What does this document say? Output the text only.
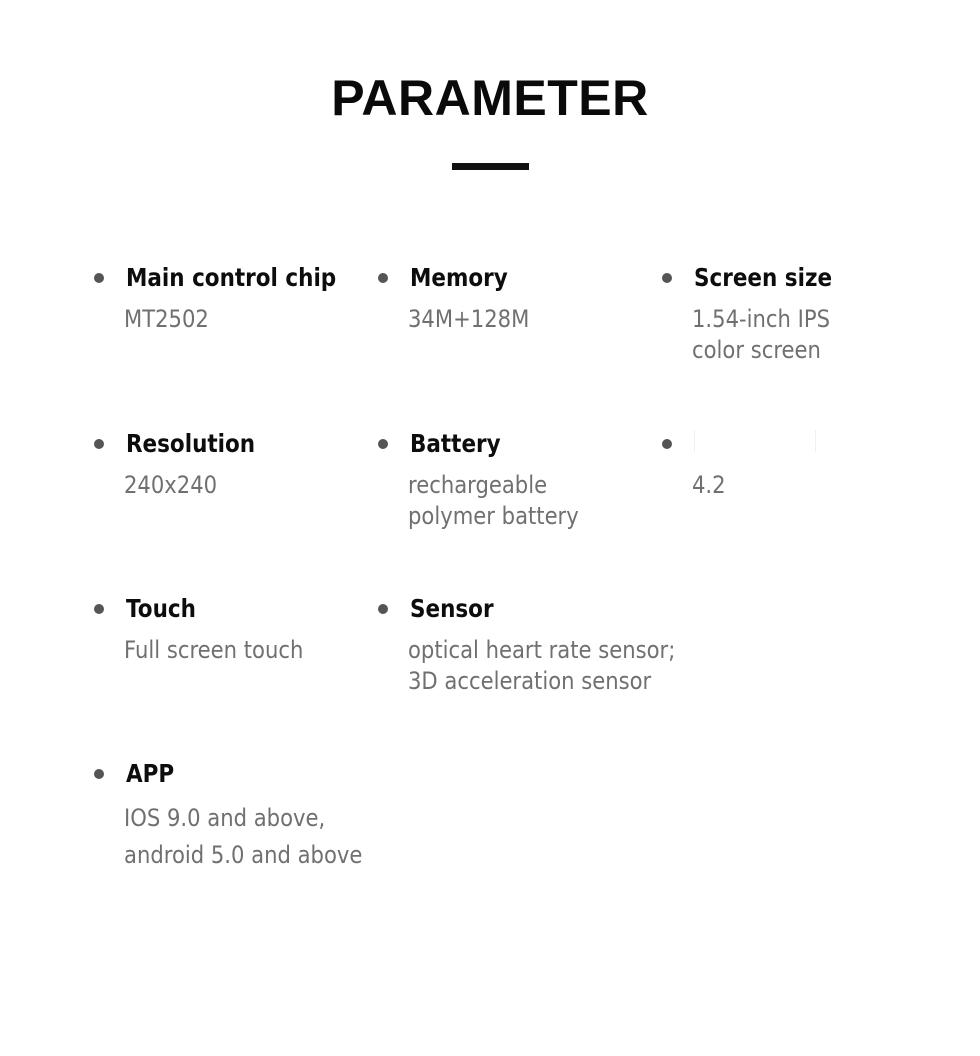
PARAMETER
Main control chip
MT2502
Memory
34M+128M
Screen size
1.54-inch IPS
color screen
Resolution
240x240
Battery
rechargeable
polymer battery
4.2
Touch
Full screen touch
Sensor
optical heart rate sensor;
3D acceleration sensor
APP
IOS 9.0 and above,
android 5.0 and above
